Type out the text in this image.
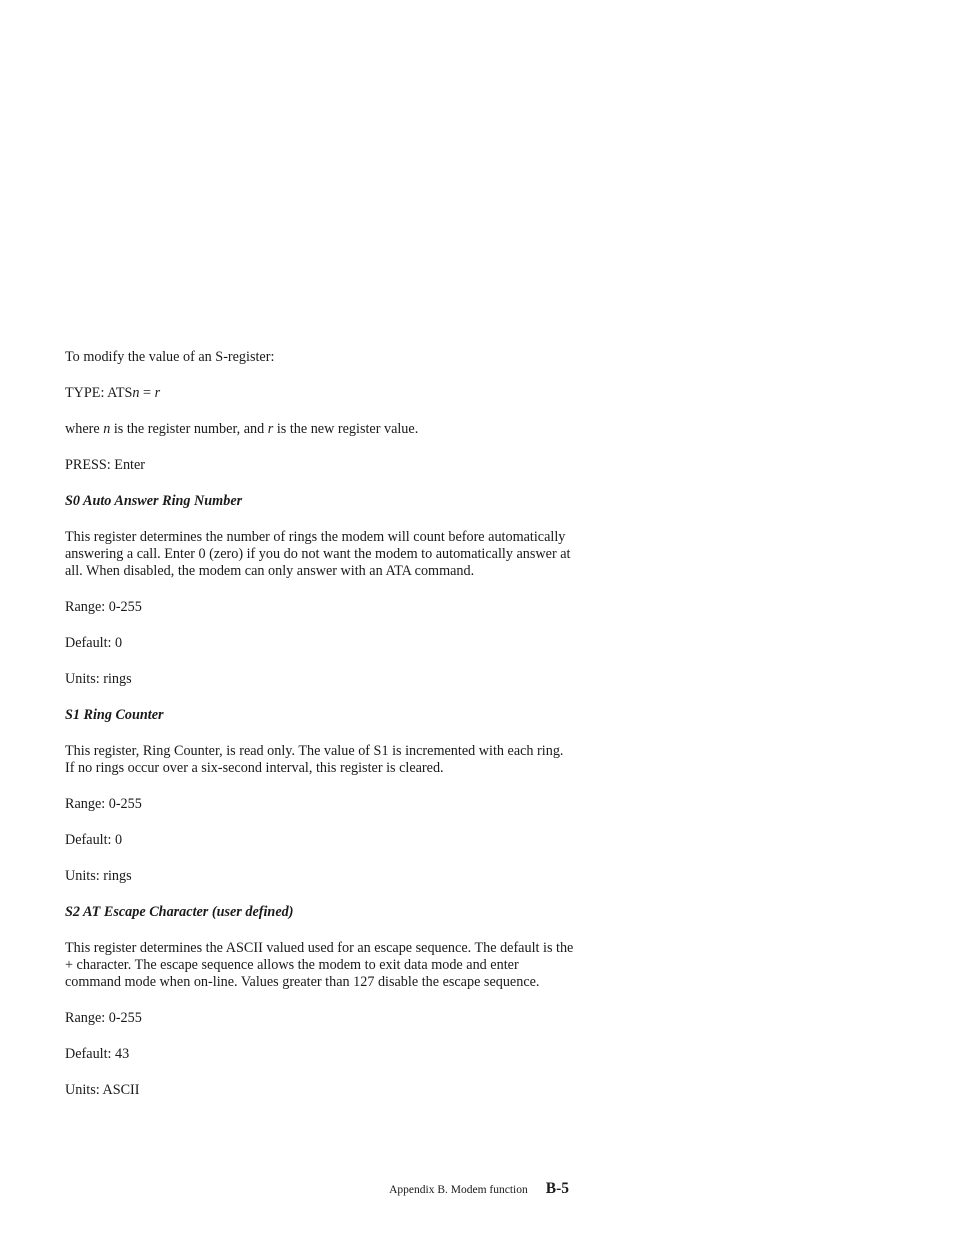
To modify the value of an S-register:

TYPE: ATSn = r

where n is the register number, and r is the new register value.

PRESS: Enter

S0 Auto Answer Ring Number

This register determines the number of rings the modem will count before automatically answering a call. Enter 0 (zero) if you do not want the modem to automatically answer at all. When disabled, the modem can only answer with an ATA command.

Range: 0-255

Default: 0

Units: rings

S1 Ring Counter

This register, Ring Counter, is read only. The value of S1 is incremented with each ring. If no rings occur over a six-second interval, this register is cleared.

Range: 0-255

Default: 0

Units: rings

S2 AT Escape Character (user defined)

This register determines the ASCII valued used for an escape sequence. The default is the + character. The escape sequence allows the modem to exit data mode and enter command mode when on-line. Values greater than 127 disable the escape sequence.

Range: 0-255

Default: 43

Units: ASCII

Appendix B. Modem function B-5
